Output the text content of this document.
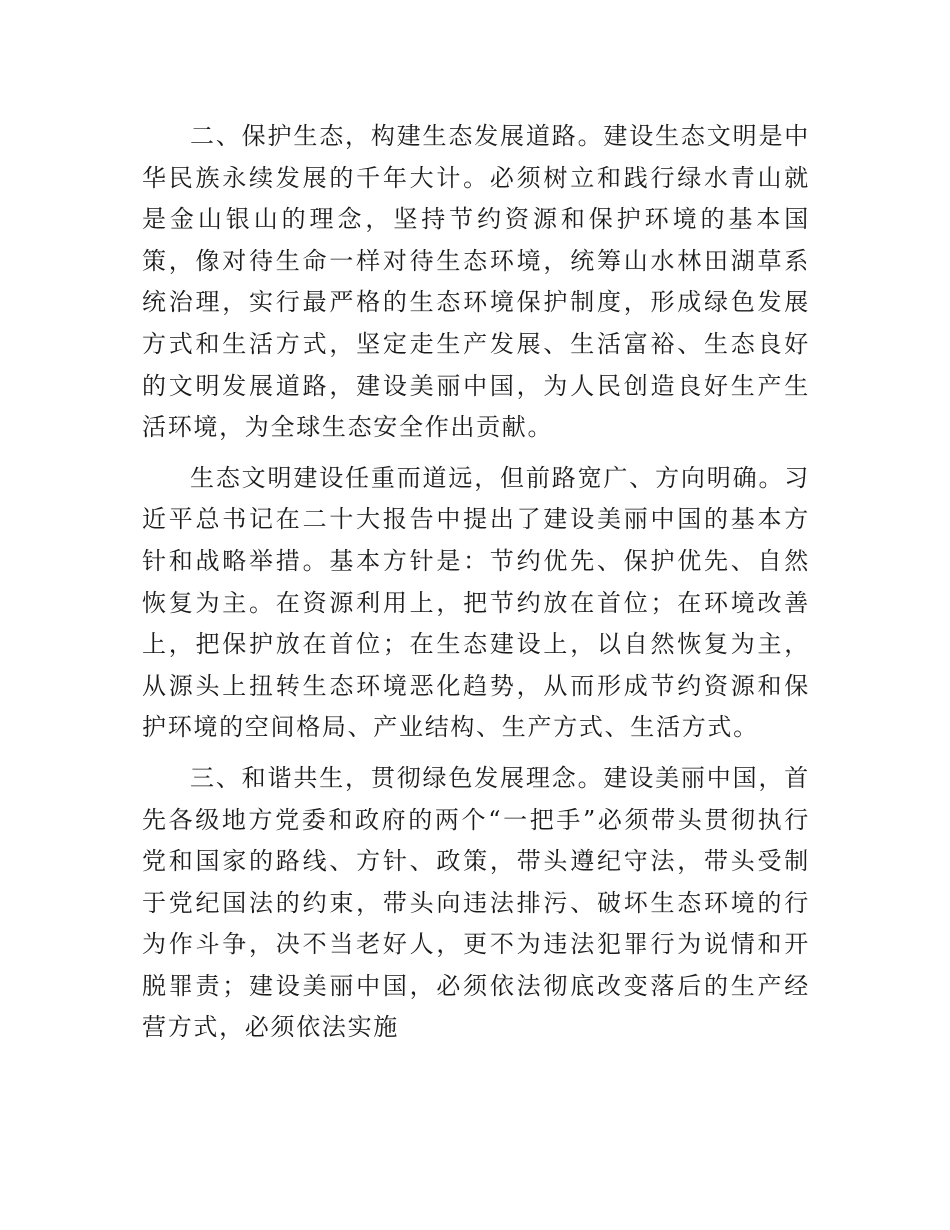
二、保护生态，构建生态发展道路。建设生态文明是中华民族永续发展的千年大计。必须树立和践行绿水青山就是金山银山的理念，坚持节约资源和保护环境的基本国策，像对待生命一样对待生态环境，统筹山水林田湖草系统治理，实行最严格的生态环境保护制度，形成绿色发展方式和生活方式，坚定走生产发展、生活富裕、生态良好的文明发展道路，建设美丽中国，为人民创造良好生产生活环境，为全球生态安全作出贡献。

生态文明建设任重而道远，但前路宽广、方向明确。习近平总书记在二十大报告中提出了建设美丽中国的基本方针和战略举措。基本方针是：节约优先、保护优先、自然恢复为主。在资源利用上，把节约放在首位；在环境改善上，把保护放在首位；在生态建设上，以自然恢复为主，从源头上扭转生态环境恶化趋势，从而形成节约资源和保护环境的空间格局、产业结构、生产方式、生活方式。

三、和谐共生，贯彻绿色发展理念。建设美丽中国，首先各级地方党委和政府的两个“一把手”必须带头贯彻执行党和国家的路线、方针、政策，带头遵纪守法，带头受制于党纪国法的约束，带头向违法排污、破坏生态环境的行为作斗争，决不当老好人，更不为违法犯罪行为说情和开脱罪责；建设美丽中国，必须依法彻底改变落后的生产经营方式，必须依法实施
